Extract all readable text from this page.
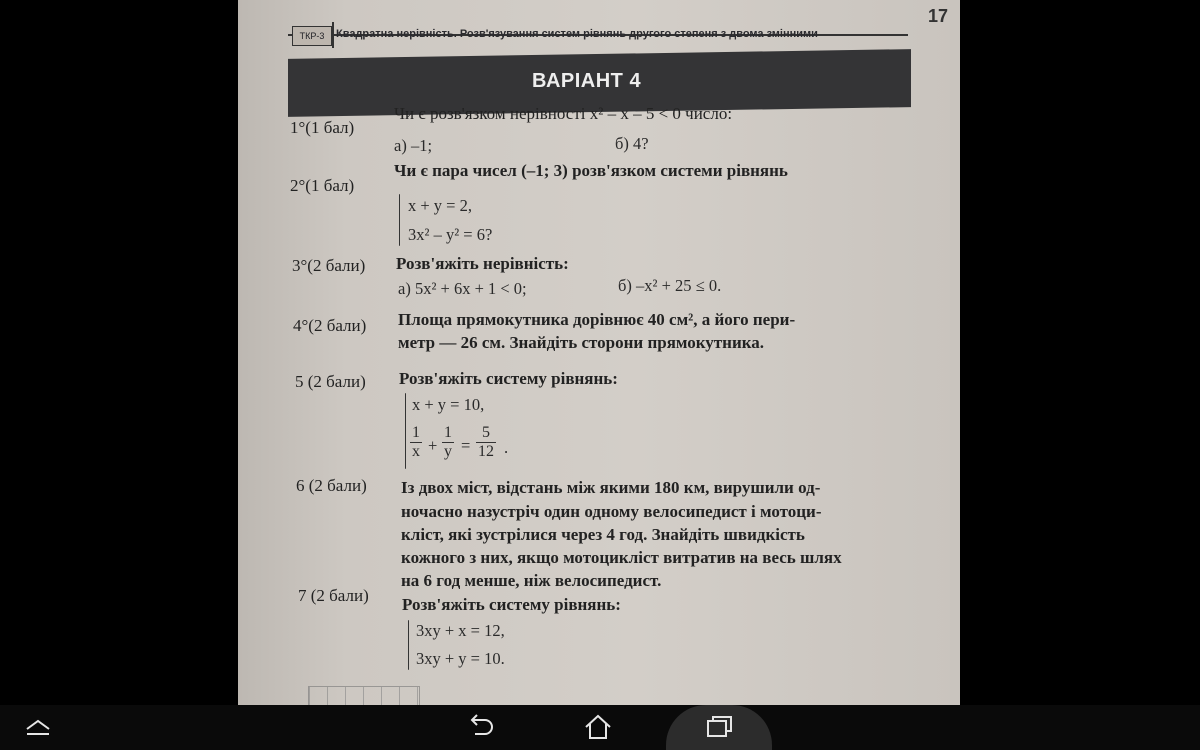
ТКР-3	Квадратна нерівність. Розв'язування систем рівнянь другого степеня з двома змінними
17
ВАРІАНТ 4
1°(1 бал)
Чи є розв'язком нерівності x² – x – 5 < 0 число:
а) –1;	б) 4?
2°(1 бал)
Чи є пара чисел (–1; 3) розв'язком системи рівнянь
x + y = 2,
3x² – y² = 6?
3°(2 бали) Розв'яжіть нерівність:
а) 5x² + 6x + 1 < 0;	б) –x² + 25 ≤ 0.
4°(2 бали) Площа прямокутника дорівнює 40 см², а його пери-
метр — 26 см. Знайдіть сторони прямокутника.
5 (2 бали) Розв'яжіть систему рівнянь:
x + y = 10,
$\frac{1}{x} + \frac{1}{y} = \frac{5}{12}$ .
6 (2 бали) Із двох міст, відстань між якими 180 км, вирушили од-
ночасно назустріч один одному велосипедист і мотоци-
кліст, які зустрілися через 4 год. Знайдіть швидкість
кожного з них, якщо мотоцикліст витратив на весь шлях
на 6 год менше, ніж велосипедист.
7 (2 бали) Розв'яжіть систему рівнянь:
3xy + x = 12,
3xy + y = 10.
